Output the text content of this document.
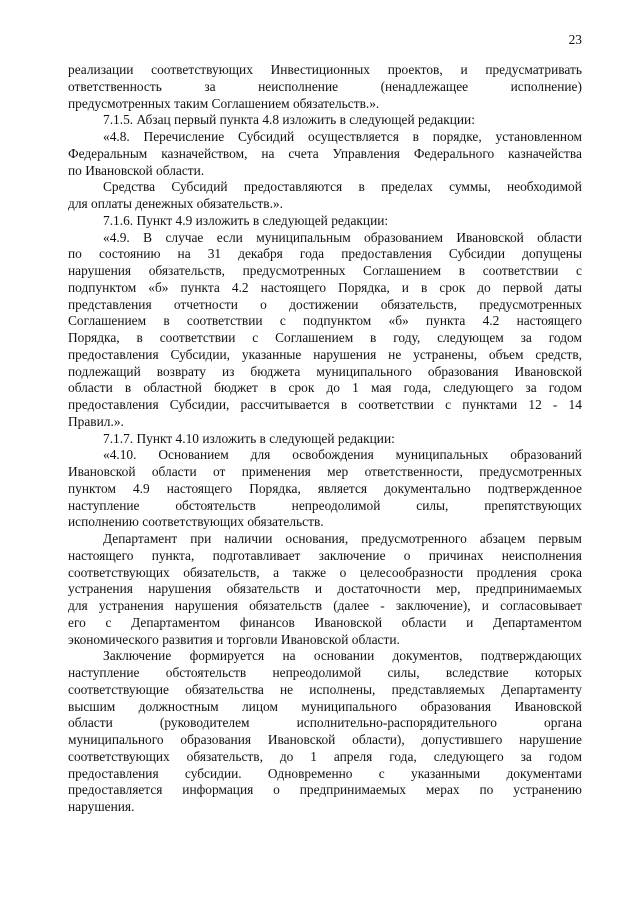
23
реализации соответствующих Инвестиционных проектов, и предусматривать
ответственность	за	неисполнение	(ненадлежащее	исполнение)
предусмотренных таким Соглашением обязательств.».
7.1.5. Абзац первый пункта 4.8 изложить в следующей редакции:
«4.8. Перечисление Субсидий осуществляется в порядке, установленном
Федеральным казначейством, на счета Управления Федерального казначейства
по Ивановской области.
Средства Субсидий предоставляются в пределах суммы, необходимой
для оплаты денежных обязательств.».
7.1.6. Пункт 4.9 изложить в следующей редакции:
«4.9. В случае если муниципальным образованием Ивановской области
по состоянию на 31 декабря года предоставления Субсидии допущены
нарушения обязательств, предусмотренных Соглашением в соответствии с
подпунктом «б» пункта 4.2 настоящего Порядка, и в срок до первой даты
представления отчетности о достижении обязательств, предусмотренных
Соглашением в соответствии с подпунктом «б» пункта 4.2 настоящего
Порядка, в соответствии с Соглашением в году, следующем за годом
предоставления Субсидии, указанные нарушения не устранены, объем средств,
подлежащий возврату из бюджета муниципального образования Ивановской
области в областной бюджет в срок до 1 мая года, следующего за годом
предоставления Субсидии, рассчитывается в соответствии с пунктами 12 - 14
Правил.».
7.1.7. Пункт 4.10 изложить в следующей редакции:
«4.10. Основанием для освобождения муниципальных образований
Ивановской области от применения мер ответственности, предусмотренных
пунктом 4.9 настоящего Порядка, является документально подтвержденное
наступление	обстоятельств	непреодолимой	силы,	препятствующих
исполнению соответствующих обязательств.
Департамент при наличии основания, предусмотренного абзацем первым
настоящего пункта, подготавливает заключение о причинах неисполнения
соответствующих обязательств, а также о целесообразности продления срока
устранения нарушения обязательств и достаточности мер, предпринимаемых
для устранения нарушения обязательств (далее - заключение), и согласовывает
его с Департаментом финансов Ивановской области и Департаментом
экономического развития и торговли Ивановской области.
Заключение формируется на основании документов, подтверждающих
наступление обстоятельств непреодолимой силы, вследствие которых
соответствующие обязательства не исполнены, представляемых Департаменту
высшим должностным лицом муниципального образования Ивановской
области	(руководителем	исполнительно-распорядительного	органа
муниципального образования Ивановской области), допустившего нарушение
соответствующих обязательств, до 1 апреля года, следующего за годом
предоставления субсидии. Одновременно с указанными документами
предоставляется информация о предпринимаемых мерах по устранению
нарушения.
